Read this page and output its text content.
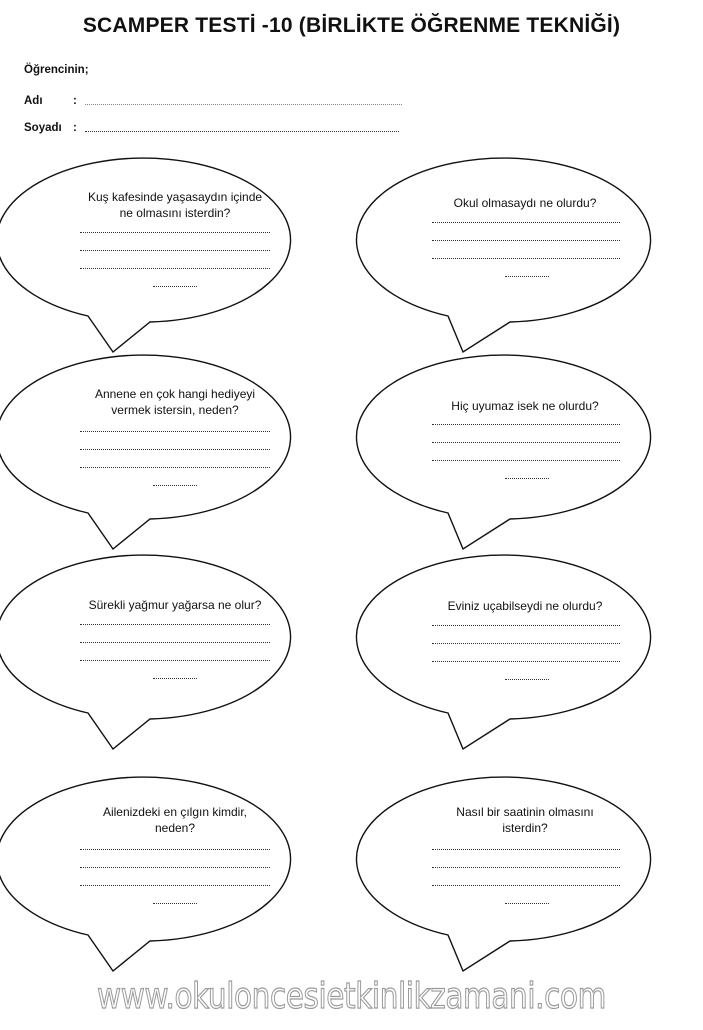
SCAMPER TESTİ -10 (BİRLİKTE ÖĞRENME TEKNİĞİ)
Öğrencinin;
Adı	:
Soyadı :
Kuş kafesinde yaşasaydın içinde
ne olmasını isterdin?
Okul olmasaydı ne olurdu?
Annene en çok hangi hediyeyi
vermek istersin, neden?	Hiç uyumaz isek ne olurdu?
Sürekli yağmur yağarsa ne olur?	Eviniz uçabilseydi ne olurdu?
Ailenizdeki en çılgın kimdir,
neden?
Nasıl bir saatinin olmasını
isterdin?
www.okuloncesietkinlikzamani.com
